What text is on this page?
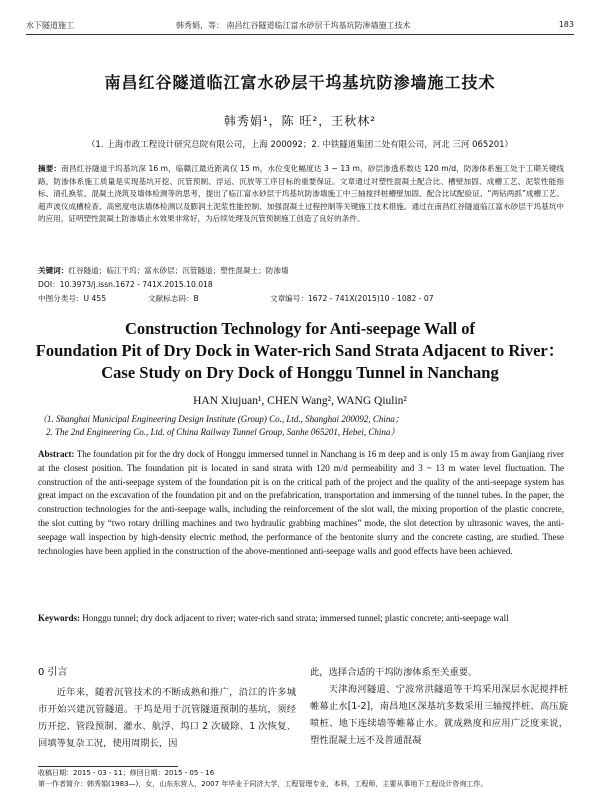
水下隧道施工	韩秀娟，等： 南昌红谷隧道临江富水砂层干坞基坑防渗墙施工技术	183
南昌红谷隧道临江富水砂层干坞基坑防渗墙施工技术
韩秀娟¹，陈 旺²，王秋林²
（1. 上海市政工程设计研究总院有限公司，上海 200092；2. 中铁隧道集团二处有限公司，河北 三河 065201）
摘要：南昌红谷隧道干坞基坑深 16 m，临赣江最近距离仅 15 m，水位变化幅度达 3 ~ 13 m，砂层渗透系数达 120 m/d，防渗体系施工处于工期关键线路，防渗体系施工质量是实现基坑开挖、沉管预制、浮运、沉放等工序目标的重要保证。文章通过对塑性混凝土配合比、槽壁加固、成槽工艺、泥浆性能指标、清孔换浆、混凝土浇筑及墙体检测等的思考，提出了临江富水砂层干坞基坑防渗墙施工中三轴搅拌桩槽壁加固、配合比试配验证、“两钻两抓”成槽工艺、超声波仪成槽检查、高密度电法墙体检测以及膨润土泥浆性能控制、加强混凝土过程控制等关键施工技术措施。通过在南昌红谷隧道临江富水砂层干坞基坑中的应用，证明塑性混凝土防渗墙止水效果非常好，为后续处理及沉管预制施工创造了良好的条件。
关键词：红谷隧道；临江干坞；富水砂层；沉管隧道；塑性混凝土；防渗墙
DOI：10.3973/j.issn.1672 - 741X.2015.10.018
中图分类号：U 455	文献标志码：B	文章编号：1672 - 741X(2015)10 - 1082 - 07
Construction Technology for Anti-seepage Wall of
Foundation Pit of Dry Dock in Water-rich Sand Strata Adjacent to River：
Case Study on Dry Dock of Honggu Tunnel in Nanchang
HAN Xiujuan¹, CHEN Wang², WANG Qiulin²
（1. Shanghai Municipal Engineering Design Institute (Group) Co., Ltd., Shanghai 200092, China；
2. The 2nd Engineering Co., Ltd. of China Railway Tunnel Group, Sanhe 065201, Hebei, China）
Abstract: The foundation pit for the dry dock of Honggu immersed tunnel in Nanchang is 16 m deep and is only 15 m away from Ganjiang river at the closest position. The foundation pit is located in sand strata with 120 m/d permeability and 3 ~ 13 m water level fluctuation. The construction of the anti-seepage system of the foundation pit is on the critical path of the project and the quality of the anti-seepage system has great impact on the excavation of the foundation pit and on the prefabrication, transportation and immersing of the tunnel tubes. In the paper, the construction technologies for the anti-seepage walls, including the reinforcement of the slot wall, the mixing proportion of the plastic concrete, the slot cutting by “two rotary drilling machines and two hydraulic grabbing machines” mode, the slot detection by ultrasonic waves, the anti-seepage wall inspection by high-density electric method, the performance of the bentonite slurry and the concrete casting, are studied. These technologies have been applied in the construction of the above-mentioned anti-seepage walls and good effects have been achieved.
Keywords: Honggu tunnel; dry dock adjacent to river; water-rich sand strata; immersed tunnel; plastic concrete; anti-seepage wall
0 引言

近年来，随着沉管技术的不断成熟和推广，沿江的许多城市开始兴建沉管隧道。干坞是用于沉管隧道预制的基坑，须经历开挖、管段预制、灌水、航浮、坞口 2 次破除、1 次恢复、回填等复杂工况，使用周期长，因

此，选择合适的干坞防渗体系至关重要。

天津海河隧道、宁波常洪隧道等干坞采用深层水泥搅拌桩帷幕止水[1-2]，南昌地区深基坑多数采用三轴搅拌桩、高压旋喷桩、地下连续墙等帷幕止水。就成熟度和应用广泛度来说，塑性混凝土远不及普通混凝

收稿日期：2015 - 03 - 11；修回日期：2015 - 05 - 16
第一作者简介：韩秀娟(1983—)，女，山东东营人，2007 年毕业于同济大学，工程管理专业，本科，工程师，主要从事地下工程设计咨询工作。
